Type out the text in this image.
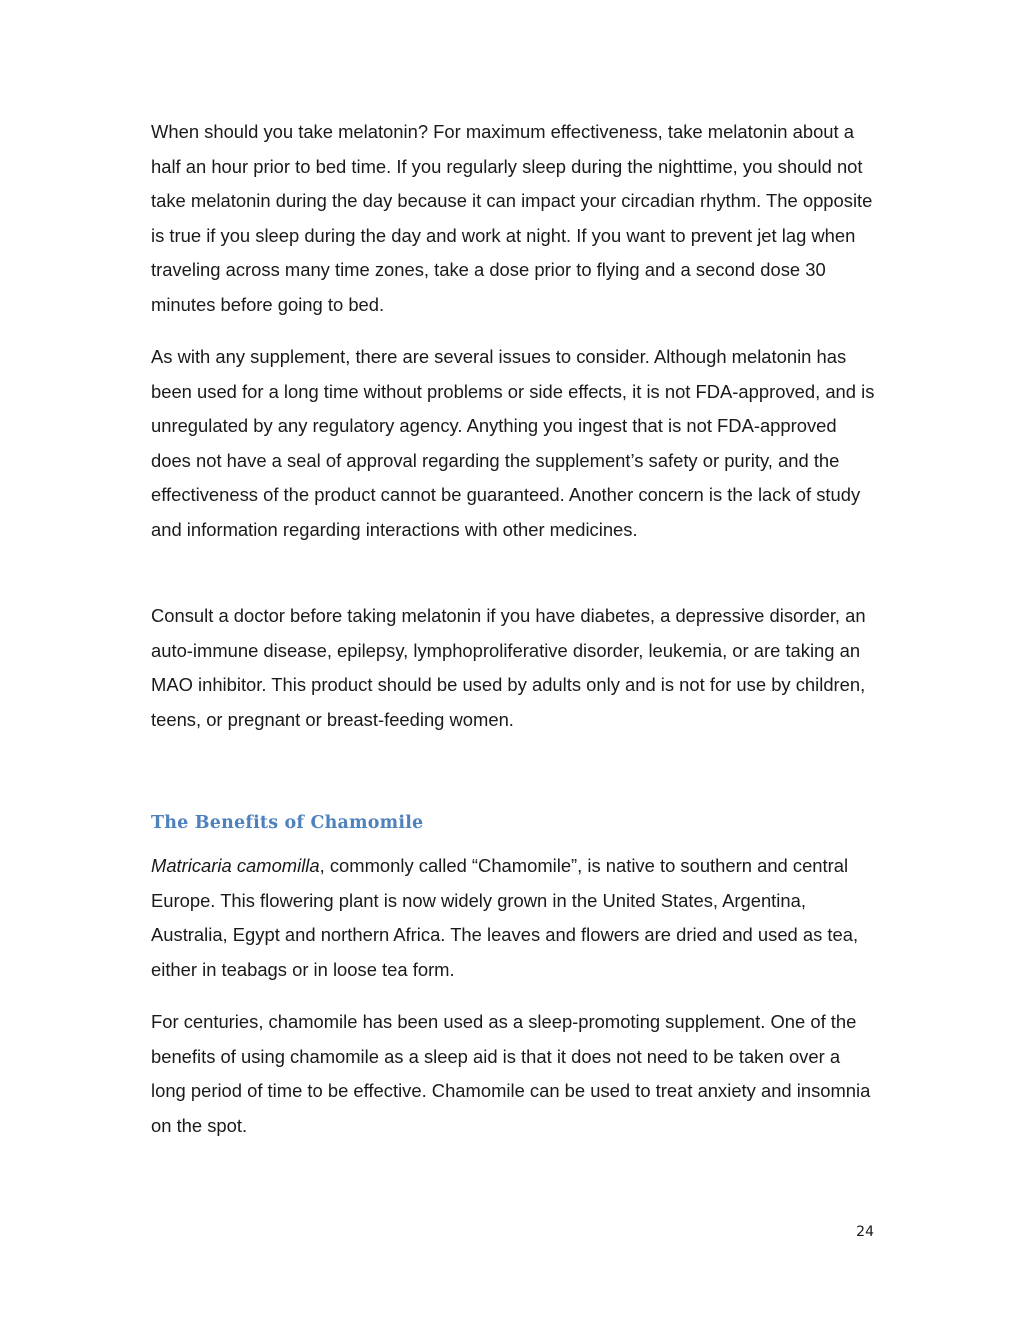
When should you take melatonin? For maximum effectiveness, take melatonin about a half an hour prior to bed time. If you regularly sleep during the nighttime, you should not take melatonin during the day because it can impact your circadian rhythm. The opposite is true if you sleep during the day and work at night. If you want to prevent jet lag when traveling across many time zones, take a dose prior to flying and a second dose 30 minutes before going to bed.

As with any supplement, there are several issues to consider. Although melatonin has been used for a long time without problems or side effects, it is not FDA-approved, and is unregulated by any regulatory agency. Anything you ingest that is not FDA-approved does not have a seal of approval regarding the supplement’s safety or purity, and the effectiveness of the product cannot be guaranteed. Another concern is the lack of study and information regarding interactions with other medicines.

Consult a doctor before taking melatonin if you have diabetes, a depressive disorder, an auto-immune disease, epilepsy, lymphoproliferative disorder, leukemia, or are taking an MAO inhibitor. This product should be used by adults only and is not for use by children, teens, or pregnant or breast-feeding women.

The Benefits of Chamomile

Matricaria camomilla, commonly called “Chamomile”, is native to southern and central Europe. This flowering plant is now widely grown in the United States, Argentina, Australia, Egypt and northern Africa. The leaves and flowers are dried and used as tea, either in teabags or in loose tea form.

For centuries, chamomile has been used as a sleep-promoting supplement. One of the benefits of using chamomile as a sleep aid is that it does not need to be taken over a long period of time to be effective. Chamomile can be used to treat anxiety and insomnia on the spot.

24
